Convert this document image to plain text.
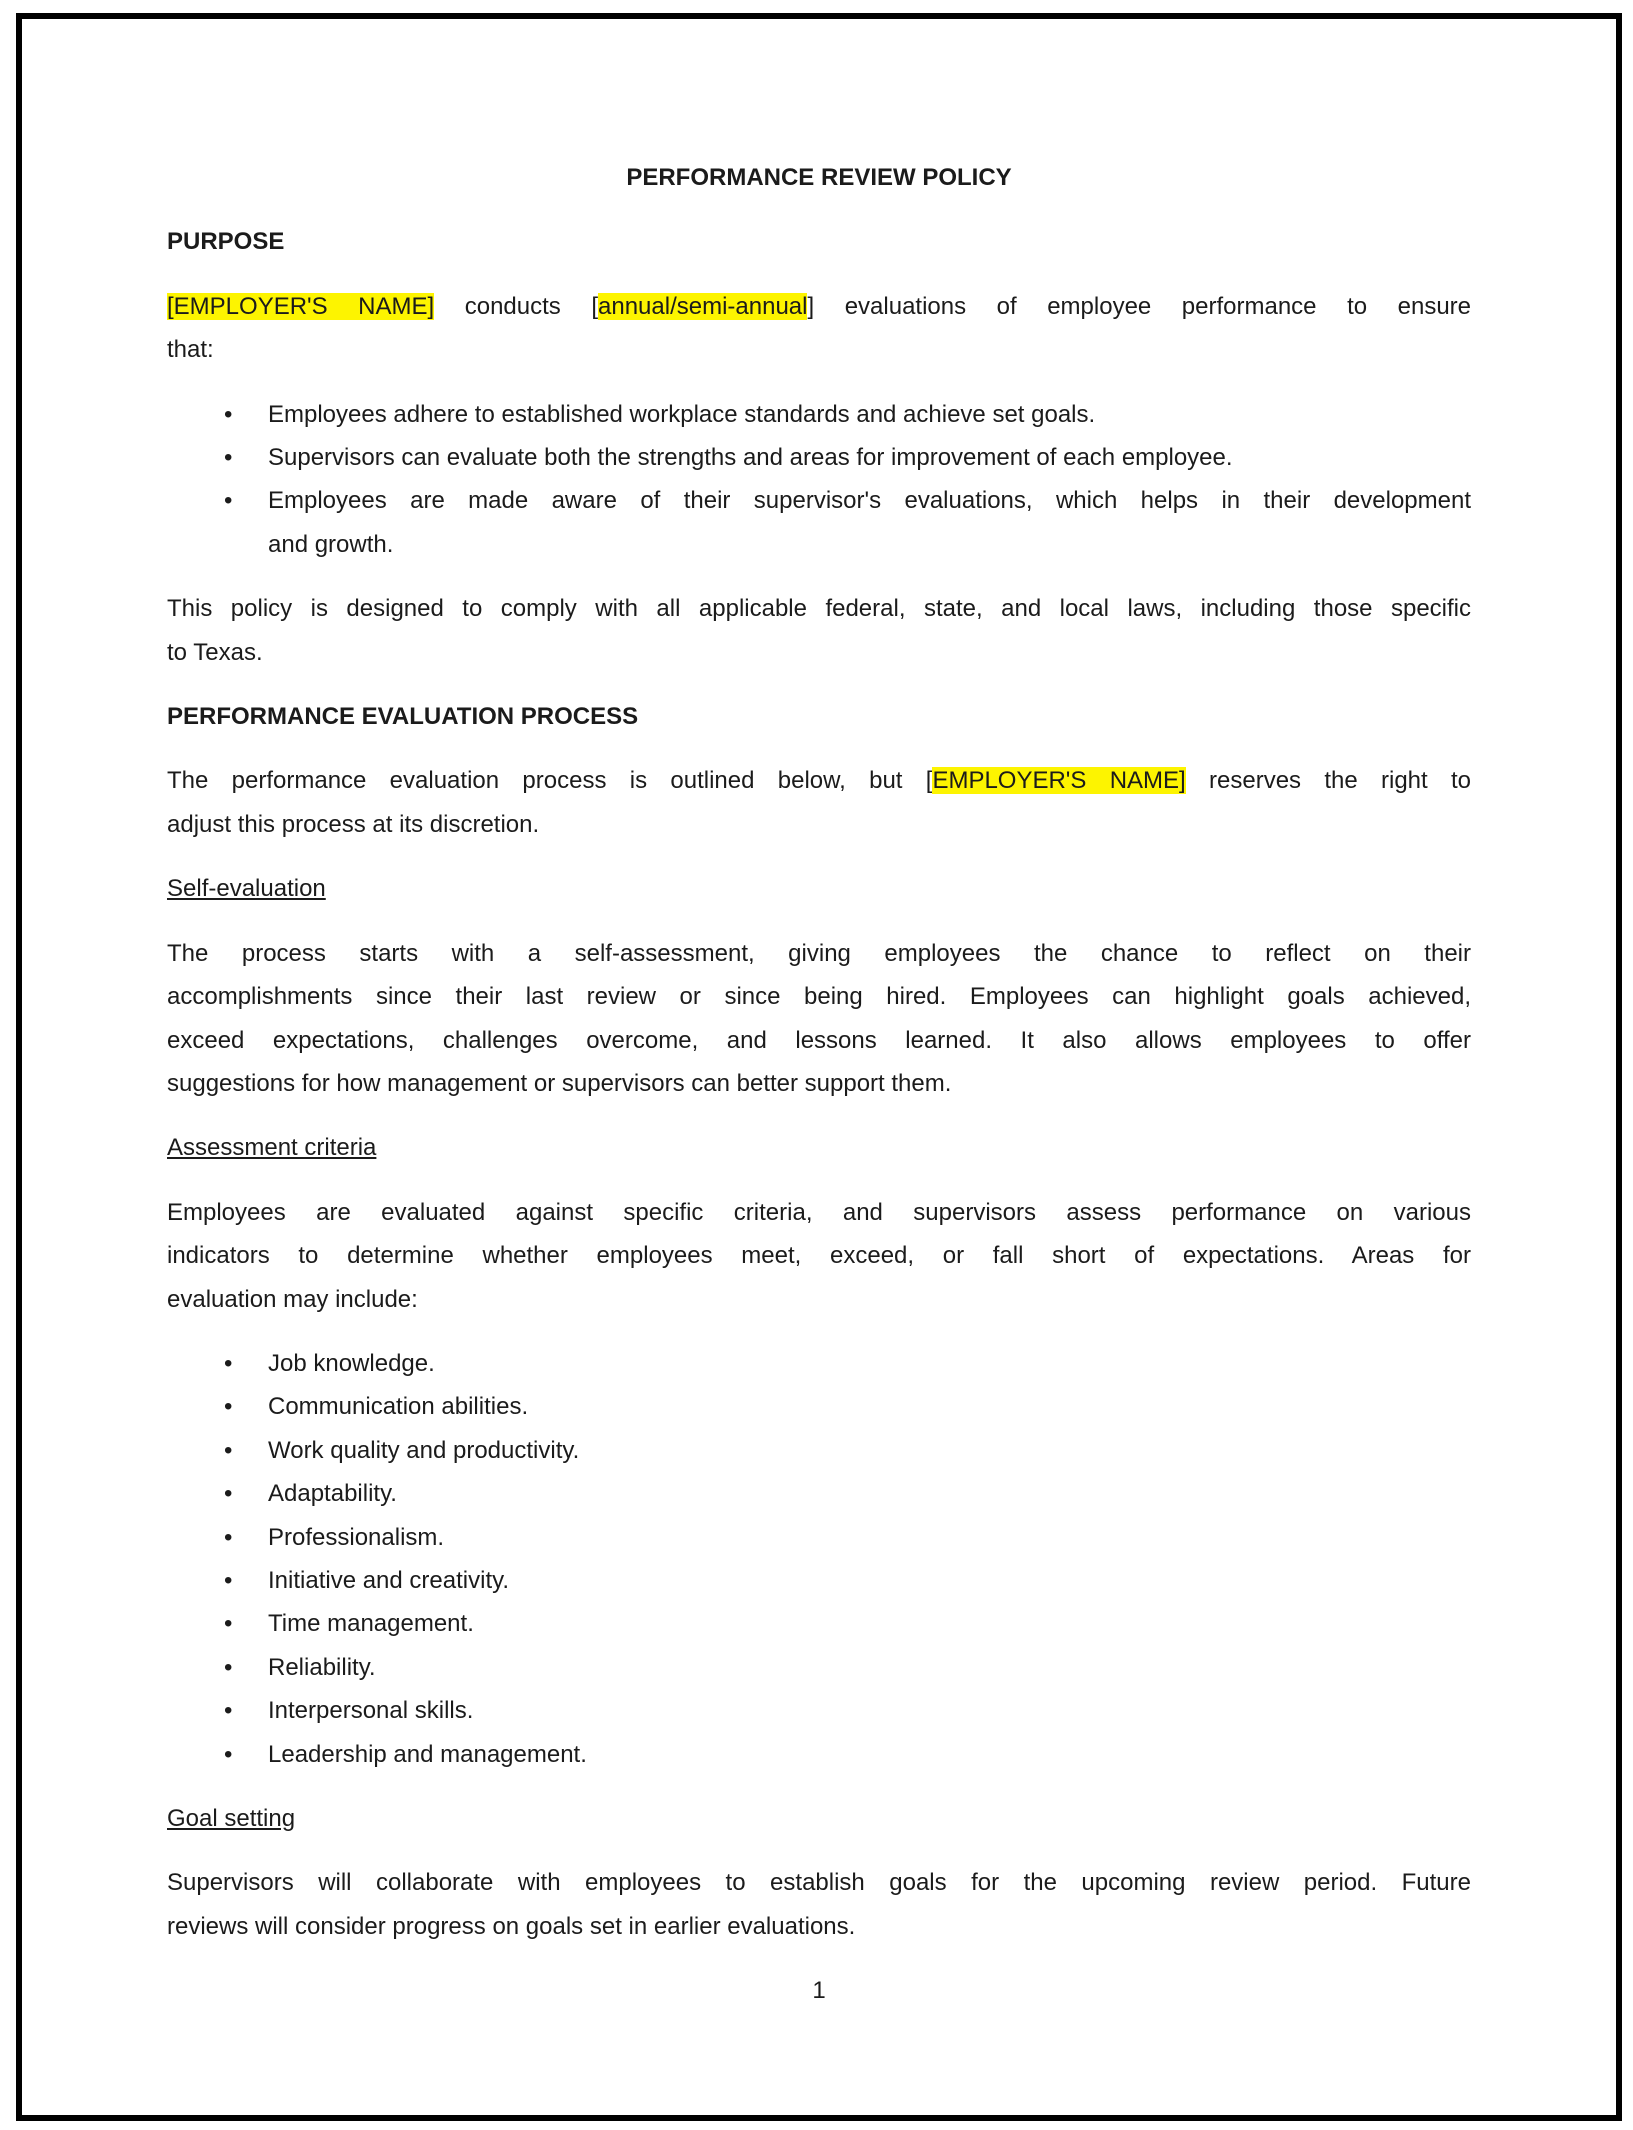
PERFORMANCE REVIEW POLICY
PURPOSE
[EMPLOYER'S NAME] conducts [annual/semi-annual] evaluations of employee performance to ensure
that:
• Employees adhere to established workplace standards and achieve set goals.
• Supervisors can evaluate both the strengths and areas for improvement of each employee.
• Employees are made aware of their supervisor's evaluations, which helps in their development
and growth.
This policy is designed to comply with all applicable federal, state, and local laws, including those specific
to Texas.
PERFORMANCE EVALUATION PROCESS
The performance evaluation process is outlined below, but [EMPLOYER'S NAME] reserves the right to
adjust this process at its discretion.
Self-evaluation
The process starts with a self-assessment, giving employees the chance to reflect on their
accomplishments since their last review or since being hired. Employees can highlight goals achieved,
exceed expectations, challenges overcome, and lessons learned. It also allows employees to offer
suggestions for how management or supervisors can better support them.
Assessment criteria
Employees are evaluated against specific criteria, and supervisors assess performance on various
indicators to determine whether employees meet, exceed, or fall short of expectations. Areas for
evaluation may include:
• Job knowledge.
• Communication abilities.
• Work quality and productivity.
• Adaptability.
• Professionalism.
• Initiative and creativity.
• Time management.
• Reliability.
• Interpersonal skills.
• Leadership and management.
Goal setting
Supervisors will collaborate with employees to establish goals for the upcoming review period. Future
reviews will consider progress on goals set in earlier evaluations.
1
